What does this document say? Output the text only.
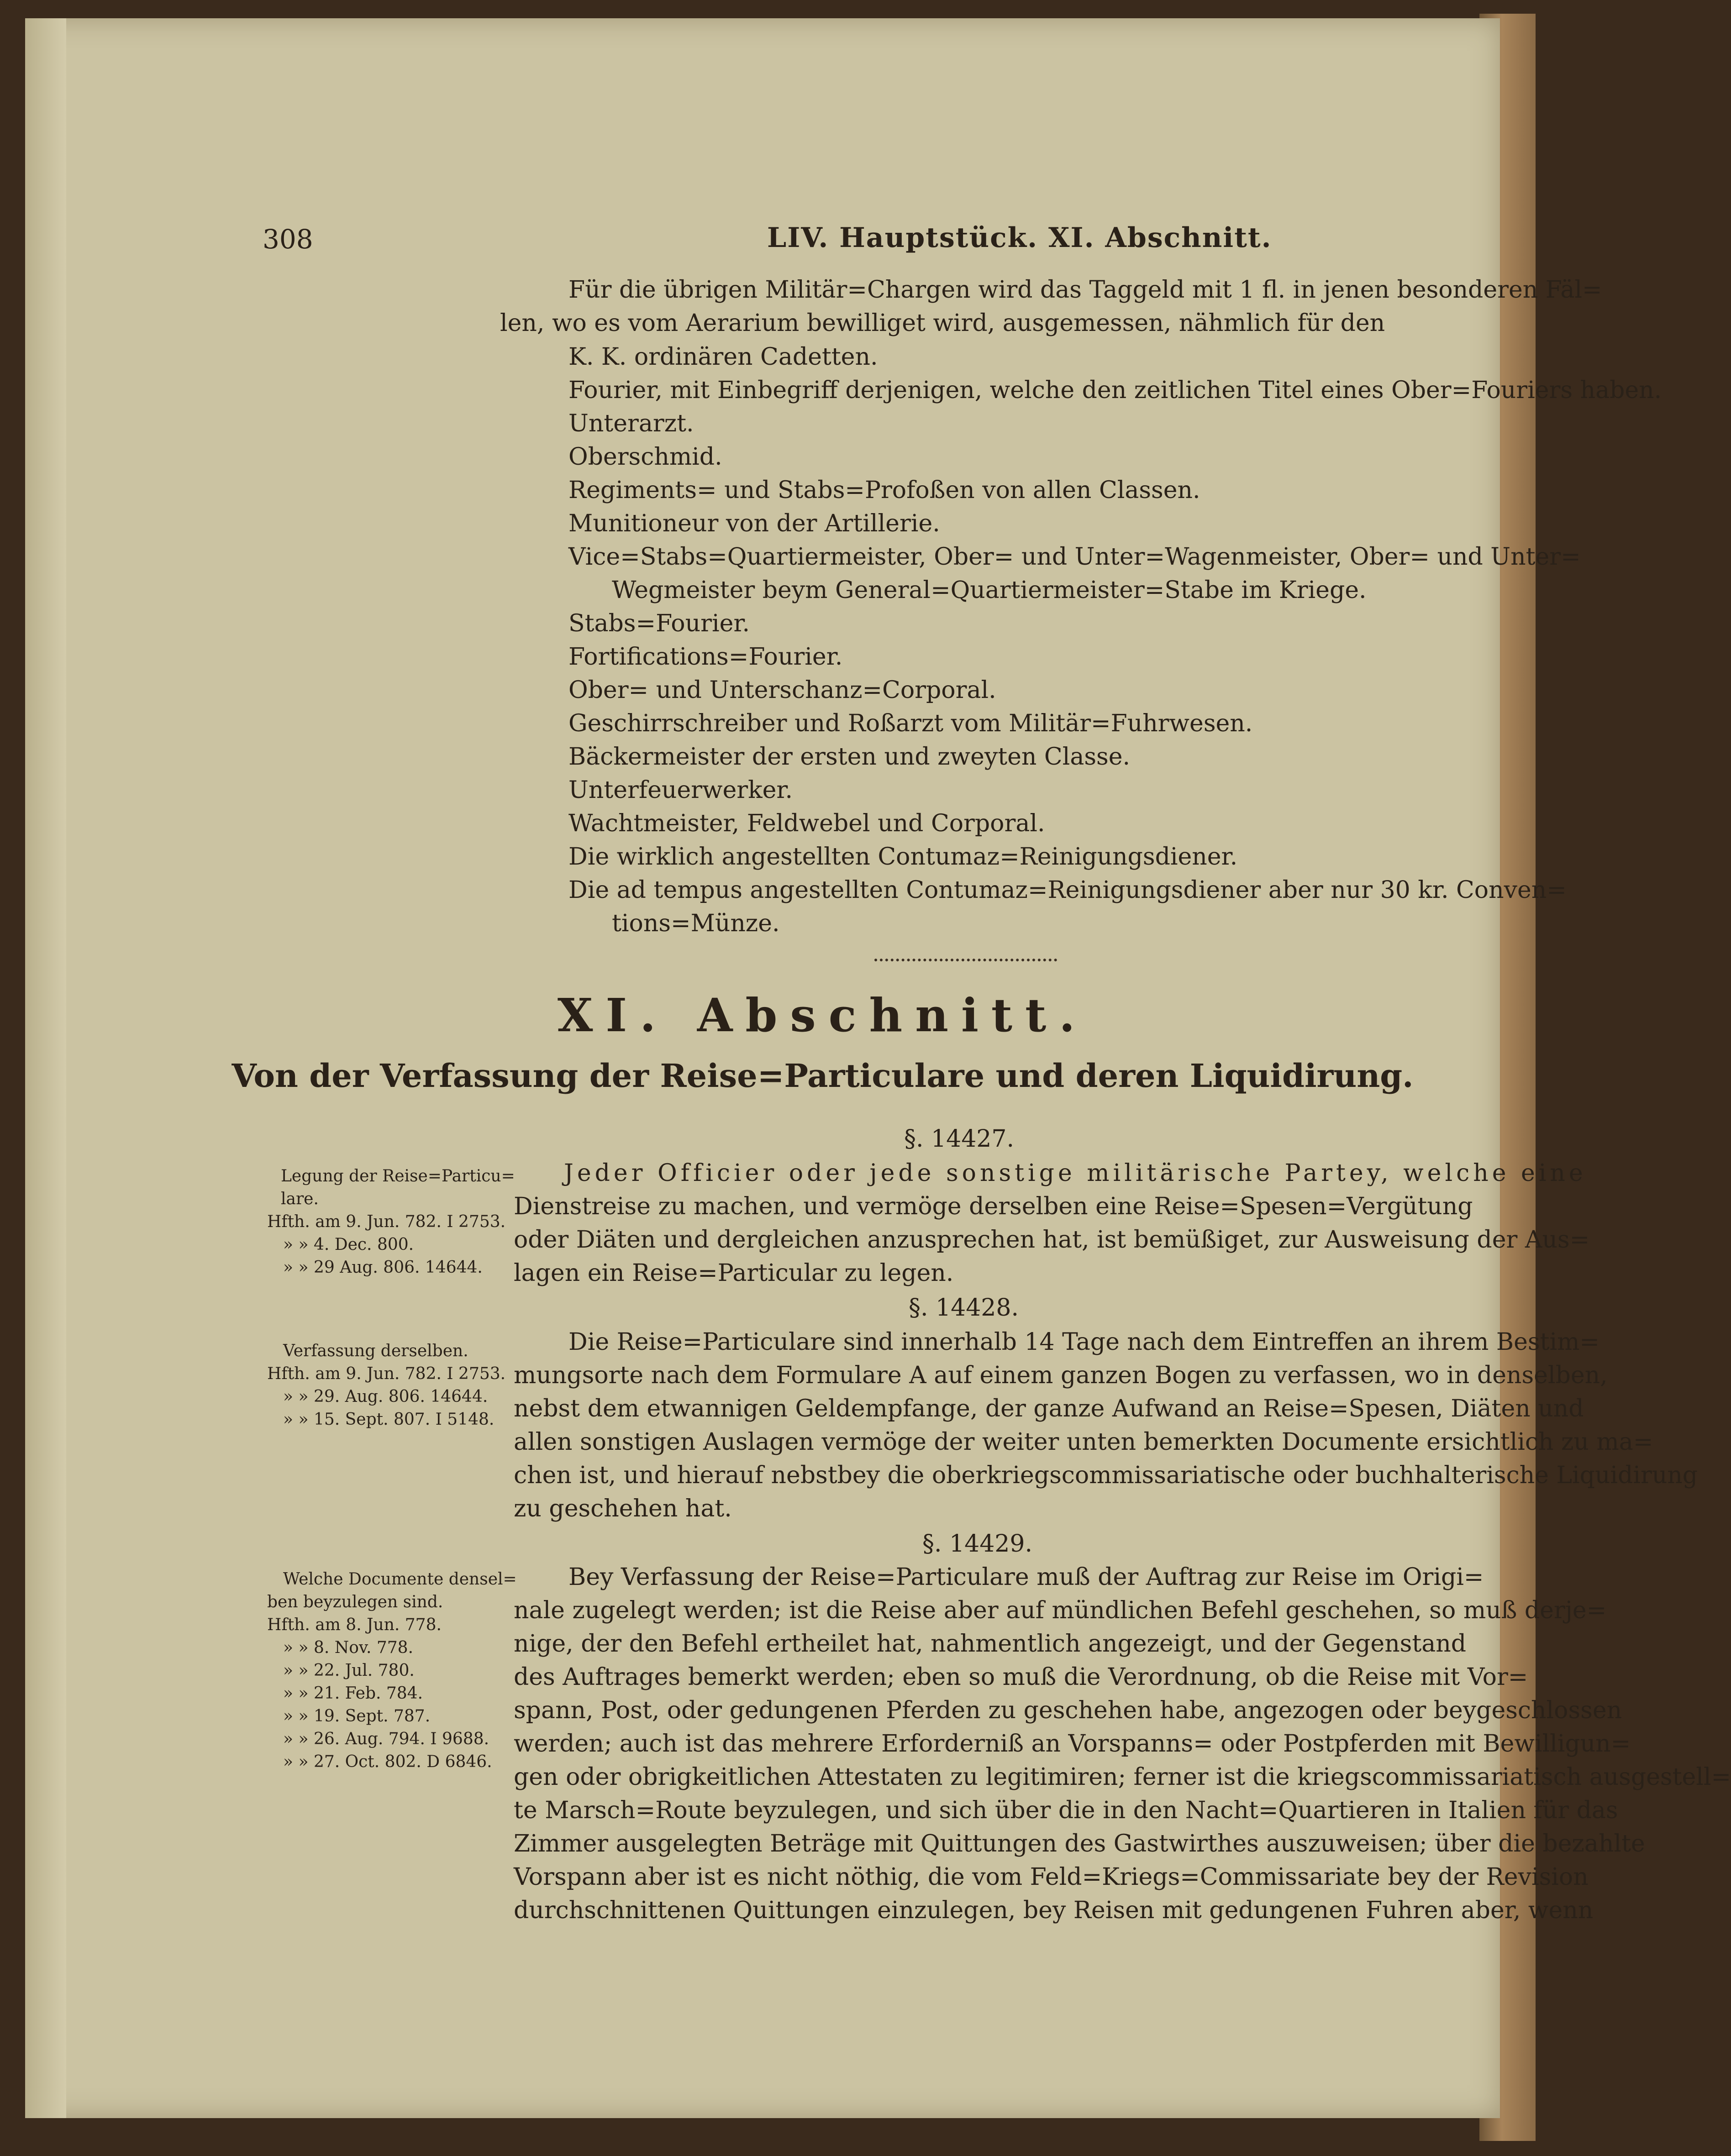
308	LIV. Hauptstück. XI. Abschnitt.
Für die übrigen Militär=Chargen wird das Taggeld mit 1 fl. in jenen besonderen Fäl=
len, wo es vom Aerarium bewilliget wird, ausgemessen, nähmlich für den
K. K. ordinären Cadetten.
Fourier, mit Einbegriff derjenigen, welche den zeitlichen Titel eines Ober=Fouriers haben.
Unterarzt.
Oberschmid.
Regiments= und Stabs=Profoßen von allen Classen.
Munitioneur von der Artillerie.
Vice=Stabs=Quartiermeister, Ober= und Unter=Wagenmeister, Ober= und Unter=
Wegmeister beym General=Quartiermeister=Stabe im Kriege.
Stabs=Fourier.
Fortifications=Fourier.
Ober= und Unterschanz=Corporal.
Geschirrschreiber und Roßarzt vom Militär=Fuhrwesen.
Bäckermeister der ersten und zweyten Classe.
Unterfeuerwerker.
Wachtmeister, Feldwebel und Corporal.
Die wirklich angestellten Contumaz=Reinigungsdiener.
Die ad tempus angestellten Contumaz=Reinigungsdiener aber nur 30 kr. Conven=
tions=Münze.
XI. Abschnitt.
Von der Verfassung der Reise=Particulare und deren Liquidirung.
§. 14427.
Jeder Officier oder jede sonstige militärische Partey, welche eine
Dienstreise zu machen, und vermöge derselben eine Reise=Spesen=Vergütung
oder Diäten und dergleichen anzusprechen hat, ist bemüßiget, zur Ausweisung der Aus=
lagen ein Reise=Particular zu legen.
Legung der Reise=Particu=
lare.
Hfth. am 9. Jun. 782. I 2753.
» » 4. Dec. 800.
» » 29 Aug. 806. 14644.
§. 14428.
Die Reise=Particulare sind innerhalb 14 Tage nach dem Eintreffen an ihrem Bestim=
mungsorte nach dem Formulare A auf einem ganzen Bogen zu verfassen, wo in denselben,
nebst dem etwannigen Geldempfange, der ganze Aufwand an Reise=Spesen, Diäten und
allen sonstigen Auslagen vermöge der weiter unten bemerkten Documente ersichtlich zu ma=
chen ist, und hierauf nebstbey die oberkriegscommissariatische oder buchhalterische Liquidirung
zu geschehen hat.
Verfassung derselben.
Hfth. am 9. Jun. 782. I 2753.
» » 29. Aug. 806. 14644.
» » 15. Sept. 807. I 5148.
§. 14429.
Bey Verfassung der Reise=Particulare muß der Auftrag zur Reise im Origi=
nale zugelegt werden; ist die Reise aber auf mündlichen Befehl geschehen, so muß derje=
nige, der den Befehl ertheilet hat, nahmentlich angezeigt, und der Gegenstand
des Auftrages bemerkt werden; eben so muß die Verordnung, ob die Reise mit Vor=
spann, Post, oder gedungenen Pferden zu geschehen habe, angezogen oder beygeschlossen
werden; auch ist das mehrere Erforderniß an Vorspanns= oder Postpferden mit Bewilligun=
gen oder obrigkeitlichen Attestaten zu legitimiren; ferner ist die kriegscommissariatisch ausgestell=
te Marsch=Route beyzulegen, und sich über die in den Nacht=Quartieren in Italien für das
Zimmer ausgelegten Beträge mit Quittungen des Gastwirthes auszuweisen; über die bezahlte
Vorspann aber ist es nicht nöthig, die vom Feld=Kriegs=Commissariate bey der Revision
durchschnittenen Quittungen einzulegen, bey Reisen mit gedungenen Fuhren aber, wenn
Welche Documente densel=
ben beyzulegen sind.
Hfth. am 8. Jun. 778.
» » 8. Nov. 778.
» » 22. Jul. 780.
» » 21. Feb. 784.
» » 19. Sept. 787.
» » 26. Aug. 794. I 9688.
» » 27. Oct. 802. D 6846.
